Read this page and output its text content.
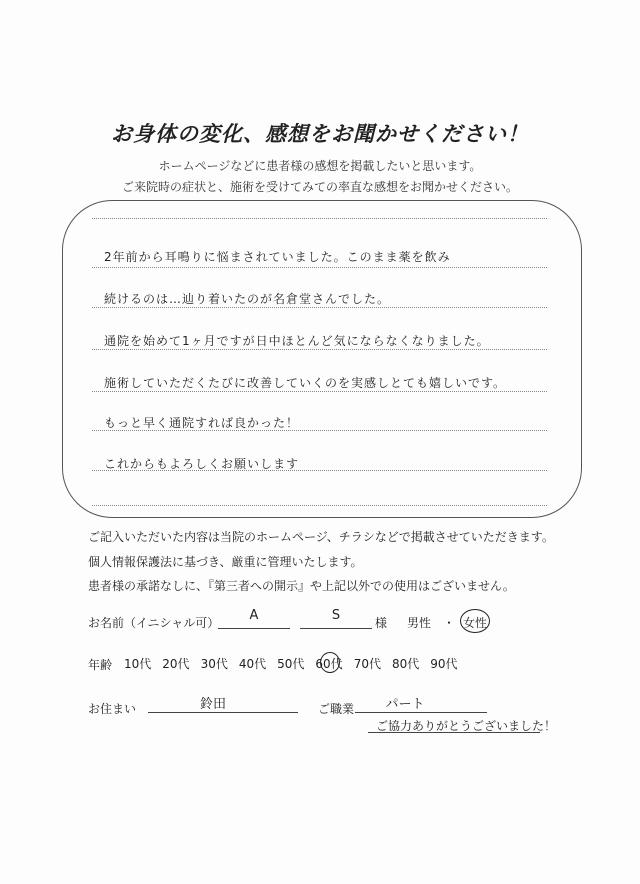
お身体の変化、感想をお聞かせください！
ホームページなどに患者様の感想を掲載したいと思います。
ご来院時の症状と、施術を受けてみての率直な感想をお聞かせください。
2年前から耳鳴りに悩まされていました。このまま薬を飲み
続けるのは…辿り着いたのが名倉堂さんでした。
通院を始めて1ヶ月ですが日中ほとんど気にならなくなりました。
施術していただくたびに改善していくのを実感しとても嬉しいです。
もっと早く通院すれば良かった！
これからもよろしくお願いします
ご記入いただいた内容は当院のホームページ、チラシなどで掲載させていただきます。
個人情報保護法に基づき、厳重に管理いたします。
患者様の承諾なしに、『第三者への開示』や上記以外での使用はございません。
お名前（イニシャル可）	A	S	様 男性 ・ 女性
年齢 10代 20代 30代 40代 50代 60代 70代 80代 90代
お住まい	鈴田	ご職業	パート
ご協力ありがとうございました！
